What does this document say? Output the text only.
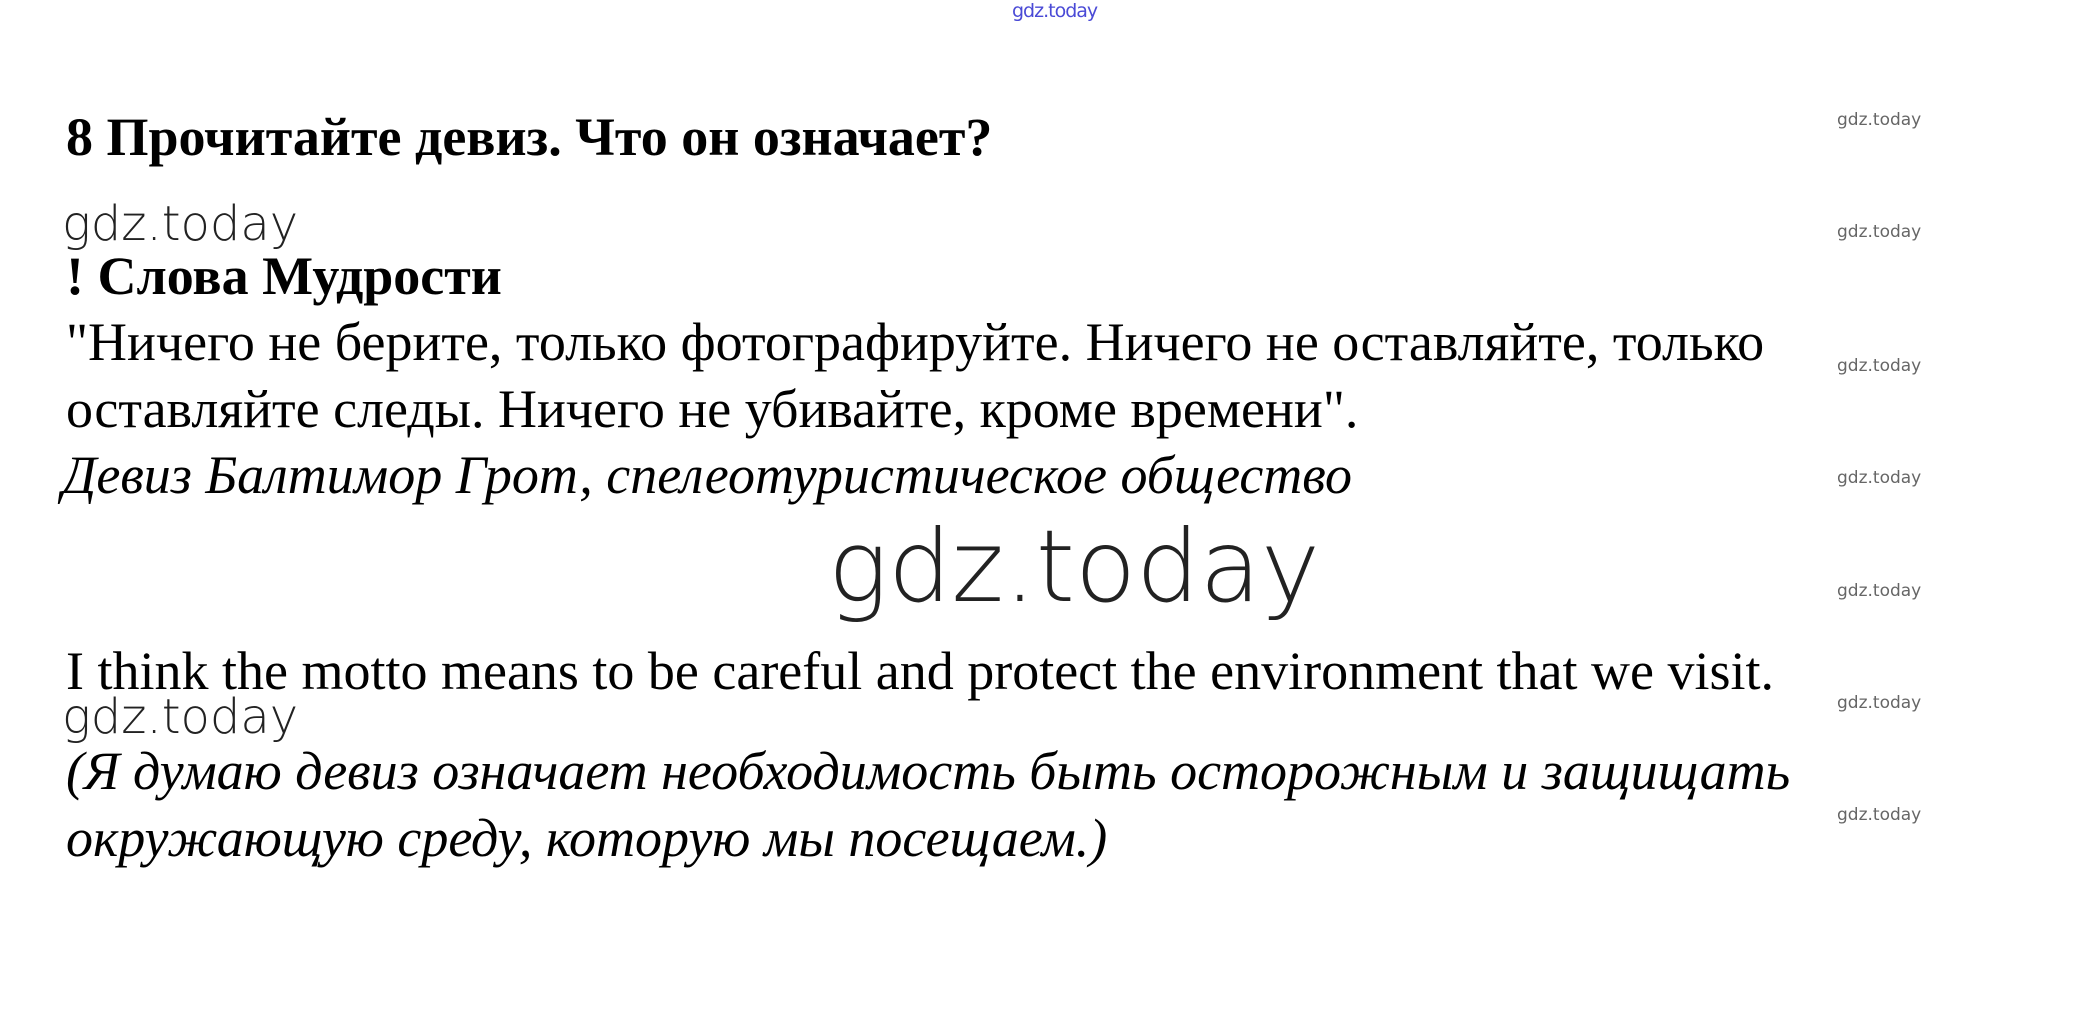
gdz.today
gdz.today
gdz.today
gdz.today
gdz.today
gdz.today
gdz.today
gdz.today
gdz.today
gdz.today
gdz.today
8 Прочитайте девиз. Что он означает?
! Слова Мудрости
"Ничего не берите, только фотографируйте. Ничего не оставляйте, только
оставляйте следы. Ничего не убивайте, кроме времени".
Девиз Балтимор Грот, спелеотуристическое общество
I think the motto means to be careful and protect the environment that we visit.
(Я думаю девиз означает необходимость быть осторожным и защищать
окружающую среду, которую мы посещаем.)
